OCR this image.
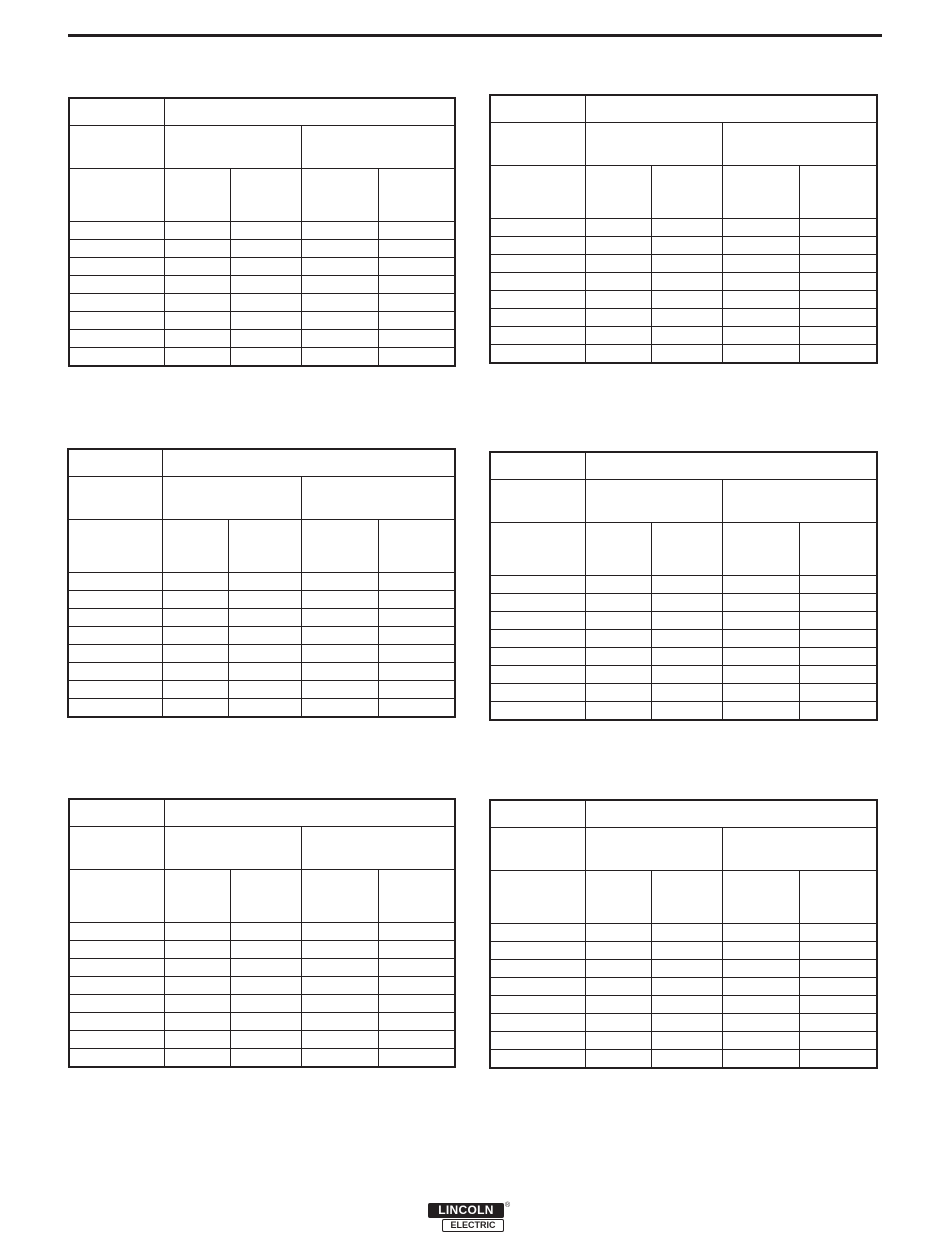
LINCOLN
ELECTRIC
®
